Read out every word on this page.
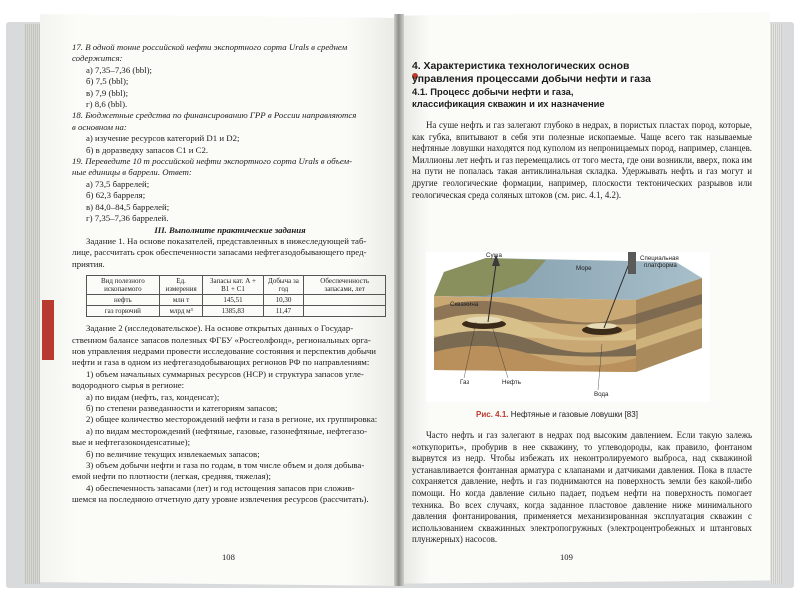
17. В одной тонне российской нефти экспортного сорта Urals в среднем

содержится:

а) 7,35–7,36 (bbl);

б) 7,5 (bbl);

в) 7,9 (bbl);

г) 8,6 (bbl).

18. Бюджетные средства по финансированию ГРР в России направляются

в основном на:

а) изучение ресурсов категорий D1 и D2;

б) в доразведку запасов С1 и С2.

19. Переведите 10 т российской нефти экспортного сорта Urals в объем-

ные единицы в баррели. Ответ:

а) 73,5 баррелей;

б) 62,3 барреля;

в) 84,0–84,5 баррелей;

г) 7,35–7,36 баррелей.

III. Выполните практические задания

Задание 1. На основе показателей, представленных в нижеследующей таб-

лице, рассчитать срок обеспеченности запасами нефтегазодобывающего пред-

приятия.

Вид полезного ископаемого	Ед. измерения	Запасы кат. А + В1 + С1	Добыча за год	Обеспеченность запасами, лет
нефть	млн т	145,51	10,30	
газ горючий	млрд м³	1385,83	11,47	

Задание 2 (исследовательское). На основе открытых данных о Государ-

ственном балансе запасов полезных ФГБУ «Росгеолфонд», региональных орга-

нов управления недрами провести исследование состояния и перспектив добычи

нефти и газа в одном из нефтегазодобывающих регионов РФ по направлениям:

1) объем начальных суммарных ресурсов (НСР) и структура запасов угле-

водородного сырья в регионе:

а) по видам (нефть, газ, конденсат);

б) по степени разведанности и категориям запасов;

2) общее количество месторождений нефти и газа в регионе, их группировка:

а) по видам месторождений (нефтяные, газовые, газонефтяные, нефтегазо-

вые и нефтегазоконденсатные);

б) по величине текущих извлекаемых запасов;

3) объем добычи нефти и газа по годам, в том числе объем и доля добыва-

емой нефти по плотности (легкая, средняя, тяжелая);

4) обеспеченность запасами (лет) и год истощения запасов при сложив-

шемся на последнюю отчетную дату уровне извлечения ресурсов (рассчитать).

108

4. Характеристика технологических основ

управления процессами добычи нефти и газа

4.1. Процесс добычи нефти и газа,

классификация скважин и их назначение

На суше нефть и газ залегают глубоко в недрах, в пористых пластах пород, которые, как губка, впитывают в себя эти полезные ископаемые. Чаще всего так называемые нефтяные ловушки находятся под куполом из непроницаемых пород, например, сланцев. Миллионы лет нефть и газ перемещались от того места, где они возникли, вверх, пока им на пути не попалась такая антиклинальная складка. Удержывать нефть и газ могут и другие геологические формации, например, плоскости тектонических разрывов или геологическая среда соляных штоков (см. рис. 4.1, 4.2).

Суша
Море
Специальная
платформа
Скважина
Газ	Нефть
Вода
Рис. 4.1. Нефтяные и газовые ловушки [83]

Часто нефть и газ залегают в недрах под высоким давлением. Если такую залежь «откупорить», пробурив в нее скважину, то углеводороды, как правило, фонтаном вырвутся из недр. Чтобы избежать их неконтролируемого выброса, над скважиной устанавливается фонтанная арматура с клапанами и датчиками давления. Пока в пласте сохраняется давление, нефть и газ поднимаются на поверхность земли без какой-либо помощи. Но когда давление сильно падает, подъем нефти на поверхность помогает техника. Во всех случаях, когда заданное пластовое давление ниже минимального давления фонтанирования, применяется механизированная эксплуатация скважин с использованием скважинных электропогружных (электроцентробежных и штанговых плунжерных) насосов.

109
